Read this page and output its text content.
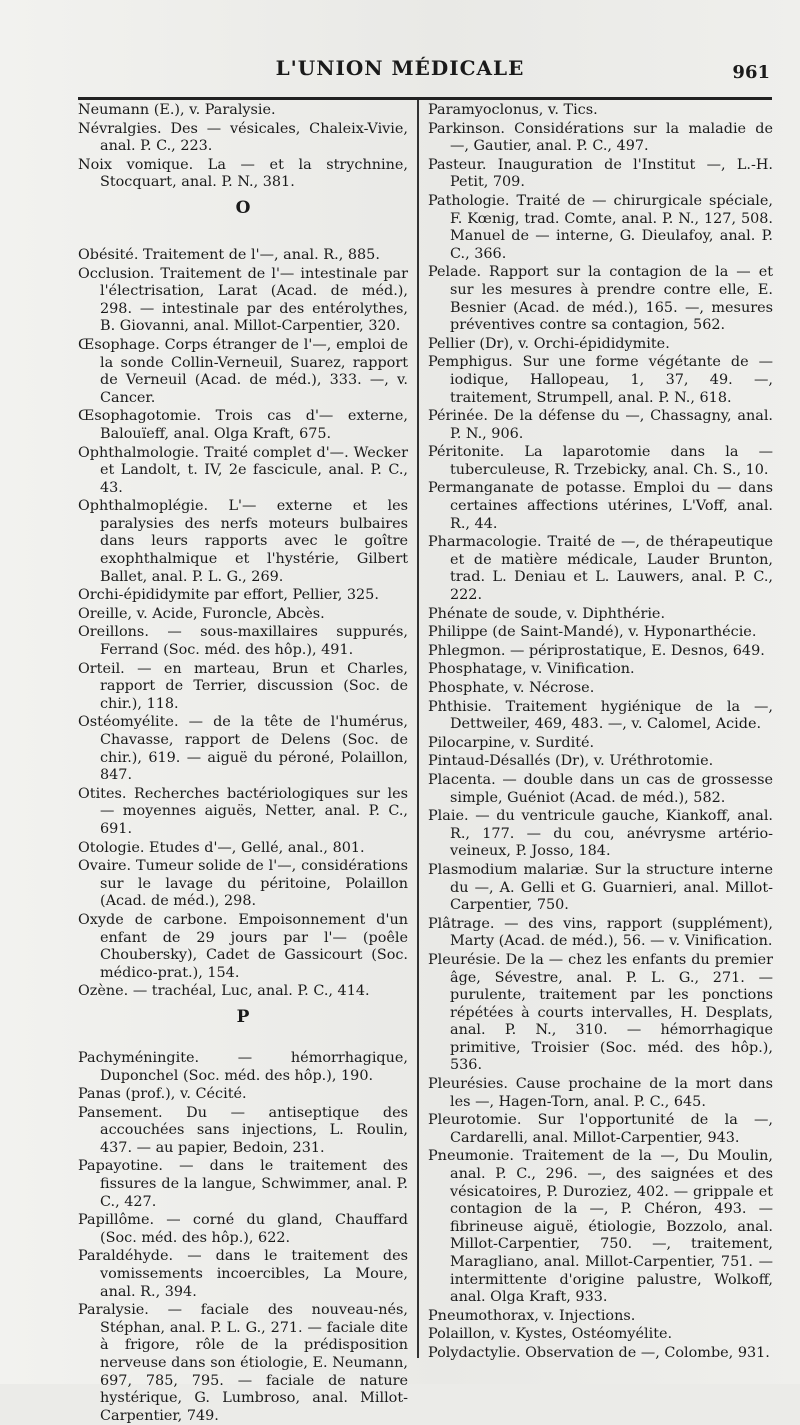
L'UNION MÉDICALE	961

Neumann (E.), v. Paralysie.

Névralgies. Des — vésicales, Chaleix-Vivie, anal. P. C., 223.

Noix vomique. La — et la strychnine, Stocquart, anal. P. N., 381.

O

Obésité. Traitement de l'—, anal. R., 885.

Occlusion. Traitement de l'— intestinale par l'électrisation, Larat (Acad. de méd.), 298. — intestinale par des entérolythes, B. Giovanni, anal. Millot-Carpentier, 320.

Œsophage. Corps étranger de l'—, emploi de la sonde Collin-Verneuil, Suarez, rapport de Verneuil (Acad. de méd.), 333. —, v. Cancer.

Œsophagotomie. Trois cas d'— externe, Balouïeff, anal. Olga Kraft, 675.

Ophthalmologie. Traité complet d'—. Wecker et Landolt, t. IV, 2e fascicule, anal. P. C., 43.

Ophthalmoplégie. L'— externe et les paralysies des nerfs moteurs bulbaires dans leurs rapports avec le goître exophthalmique et l'hystérie, Gilbert Ballet, anal. P. L. G., 269.

Orchi-épididymite par effort, Pellier, 325.

Oreille, v. Acide, Furoncle, Abcès.

Oreillons. — sous-maxillaires suppurés, Ferrand (Soc. méd. des hôp.), 491.

Orteil. — en marteau, Brun et Charles, rapport de Terrier, discussion (Soc. de chir.), 118.

Ostéomyélite. — de la tête de l'humérus, Chavasse, rapport de Delens (Soc. de chir.), 619. — aiguë du péroné, Polaillon, 847.

Otites. Recherches bactériologiques sur les — moyennes aiguës, Netter, anal. P. C., 691.

Otologie. Etudes d'—, Gellé, anal., 801.

Ovaire. Tumeur solide de l'—, considérations sur le lavage du péritoine, Polaillon (Acad. de méd.), 298.

Oxyde de carbone. Empoisonnement d'un enfant de 29 jours par l'— (poêle Choubersky), Cadet de Gassicourt (Soc. médico-prat.), 154.

Ozène. — trachéal, Luc, anal. P. C., 414.

P

Pachyméningite. — hémorrhagique, Duponchel (Soc. méd. des hôp.), 190.

Panas (prof.), v. Cécité.

Pansement. Du — antiseptique des accouchées sans injections, L. Roulin, 437. — au papier, Bedoin, 231.

Papayotine. — dans le traitement des fissures de la langue, Schwimmer, anal. P. C., 427.

Papillôme. — corné du gland, Chauffard (Soc. méd. des hôp.), 622.

Paraldéhyde. — dans le traitement des vomissements incoercibles, La Moure, anal. R., 394.

Paralysie. — faciale des nouveau-nés, Stéphan, anal. P. L. G., 271. — faciale dite à frigore, rôle de la prédisposition nerveuse dans son étiologie, E. Neumann, 697, 785, 795. — faciale de nature hystérique, G. Lumbroso, anal. Millot-Carpentier, 749.

Paramyoclonus, v. Tics.

Parkinson. Considérations sur la maladie de —, Gautier, anal. P. C., 497.

Pasteur. Inauguration de l'Institut —, L.-H. Petit, 709.

Pathologie. Traité de — chirurgicale spéciale, F. Kœnig, trad. Comte, anal. P. N., 127, 508. Manuel de — interne, G. Dieulafoy, anal. P. C., 366.

Pelade. Rapport sur la contagion de la — et sur les mesures à prendre contre elle, E. Besnier (Acad. de méd.), 165. —, mesures préventives contre sa contagion, 562.

Pellier (Dr), v. Orchi-épididymite.

Pemphigus. Sur une forme végétante de — iodique, Hallopeau, 1, 37, 49. —, traitement, Strumpell, anal. P. N., 618.

Périnée. De la défense du —, Chassagny, anal. P. N., 906.

Péritonite. La laparotomie dans la — tuberculeuse, R. Trzebicky, anal. Ch. S., 10.

Permanganate de potasse. Emploi du — dans certaines affections utérines, L'Voff, anal. R., 44.

Pharmacologie. Traité de —, de thérapeutique et de matière médicale, Lauder Brunton, trad. L. Deniau et L. Lauwers, anal. P. C., 222.

Phénate de soude, v. Diphthérie.

Philippe (de Saint-Mandé), v. Hyponarthécie.

Phlegmon. — périprostatique, E. Desnos, 649.

Phosphatage, v. Vinification.

Phosphate, v. Nécrose.

Phthisie. Traitement hygiénique de la —, Dettweiler, 469, 483. —, v. Calomel, Acide.

Pilocarpine, v. Surdité.

Pintaud-Désallés (Dr), v. Uréthrotomie.

Placenta. — double dans un cas de grossesse simple, Guéniot (Acad. de méd.), 582.

Plaie. — du ventricule gauche, Kiankoff, anal. R., 177. — du cou, anévrysme artério-veineux, P. Josso, 184.

Plasmodium malariæ. Sur la structure interne du —, A. Gelli et G. Guarnieri, anal. Millot-Carpentier, 750.

Plâtrage. — des vins, rapport (supplément), Marty (Acad. de méd.), 56. — v. Vinification.

Pleurésie. De la — chez les enfants du premier âge, Sévestre, anal. P. L. G., 271. — purulente, traitement par les ponctions répétées à courts intervalles, H. Desplats, anal. P. N., 310. — hémorrhagique primitive, Troisier (Soc. méd. des hôp.), 536.

Pleurésies. Cause prochaine de la mort dans les —, Hagen-Torn, anal. P. C., 645.

Pleurotomie. Sur l'opportunité de la —, Cardarelli, anal. Millot-Carpentier, 943.

Pneumonie. Traitement de la —, Du Moulin, anal. P. C., 296. —, des saignées et des vésicatoires, P. Duroziez, 402. — grippale et contagion de la —, P. Chéron, 493. — fibrineuse aiguë, étiologie, Bozzolo, anal. Millot-Carpentier, 750. —, traitement, Maragliano, anal. Millot-Carpentier, 751. — intermittente d'origine palustre, Wolkoff, anal. Olga Kraft, 933.

Pneumothorax, v. Injections.

Polaillon, v. Kystes, Ostéomyélite.

Polydactylie. Observation de —, Colombe, 931.
